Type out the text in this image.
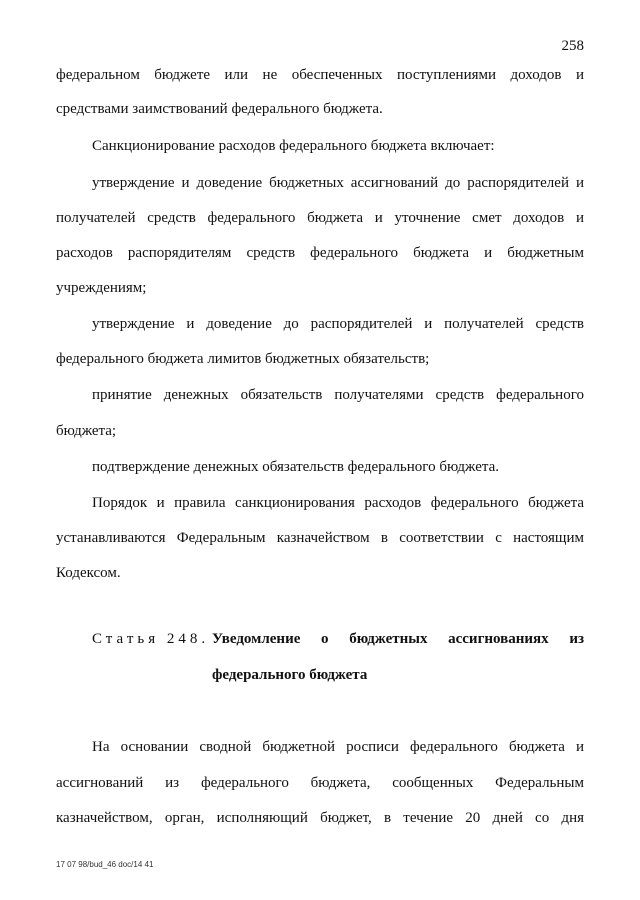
258
федеральном бюджете или не обеспеченных поступлениями доходов и
средствами заимствований федерального бюджета.
Санкционирование расходов федерального бюджета включает:
утверждение и доведение бюджетных ассигнований до распорядителей и
получателей средств федерального бюджета и уточнение смет доходов и
расходов распорядителям средств федерального бюджета и бюджетным
учреждениям;
утверждение и доведение до распорядителей и получателей средств
федерального бюджета лимитов бюджетных обязательств;
принятие денежных обязательств получателями средств федерального
бюджета;
подтверждение денежных обязательств федерального бюджета.
Порядок и правила санкционирования расходов федерального бюджета
устанавливаются Федеральным казначейством в соответствии с настоящим
Кодексом.
Статья 248. Уведомление о бюджетных ассигнованиях из
федерального бюджета
На основании сводной бюджетной росписи федерального бюджета и
ассигнований из федерального бюджета, сообщенных Федеральным
казначейством, орган, исполняющий бюджет, в течение 20 дней со дня
17 07 98/bud_46 doc/14 41
